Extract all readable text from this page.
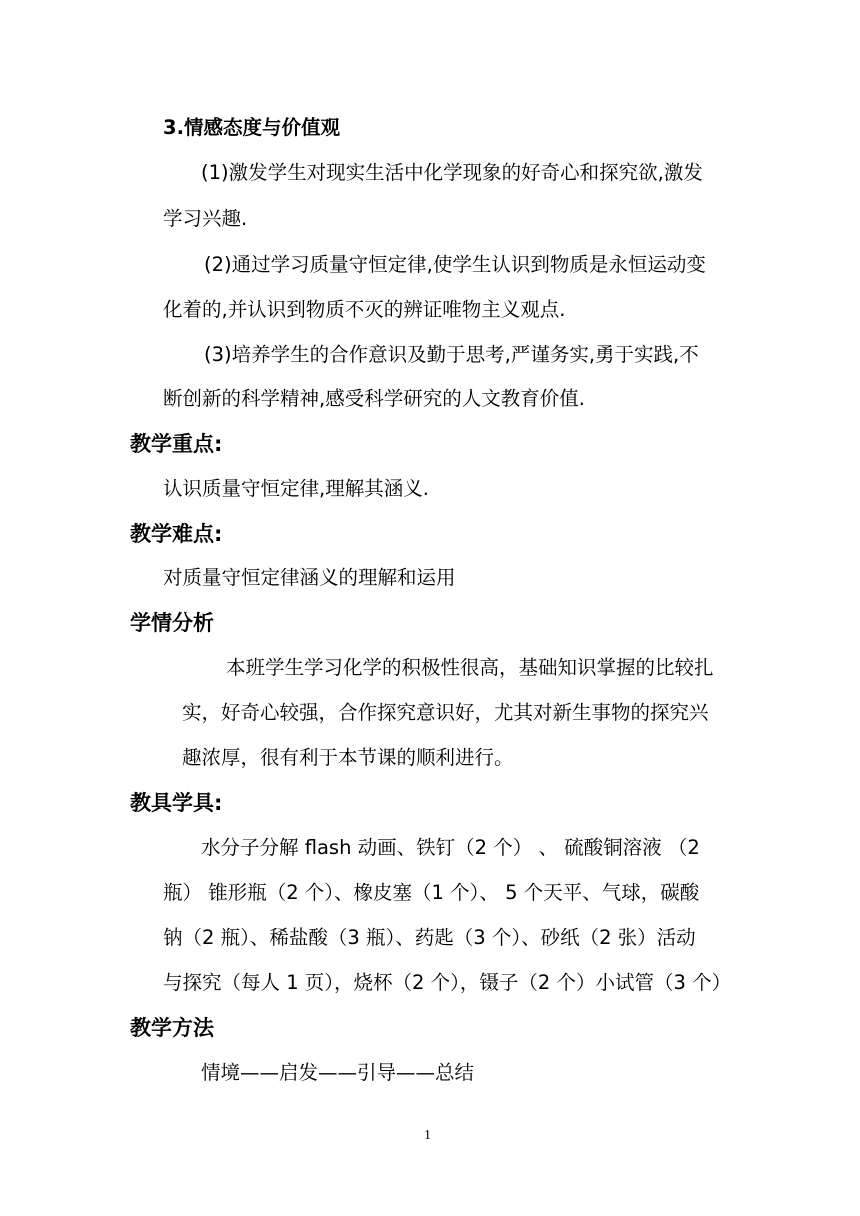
3.情感态度与价值观
(1)激发学生对现实生活中化学现象的好奇心和探究欲,激发
学习兴趣.
(2)通过学习质量守恒定律,使学生认识到物质是永恒运动变
化着的,并认识到物质不灭的辨证唯物主义观点.
(3)培养学生的合作意识及勤于思考,严谨务实,勇于实践,不
断创新的科学精神,感受科学研究的人文教育价值.
教学重点:
认识质量守恒定律,理解其涵义.
教学难点:
对质量守恒定律涵义的理解和运用
学情分析
本班学生学习化学的积极性很高，基础知识掌握的比较扎
实，好奇心较强，合作探究意识好，尤其对新生事物的探究兴
趣浓厚，很有利于本节课的顺利进行。
教具学具:
水分子分解 flash 动画、铁钉（2 个） 、 硫酸铜溶液 （2
瓶） 锥形瓶（2 个）、橡皮塞（1 个）、 5 个天平、气球，碳酸
钠（2 瓶）、稀盐酸（3 瓶）、药匙（3 个）、砂纸（2 张）活动
与探究（每人 1 页），烧杯（2 个），镊子（2 个）小试管（3 个）
教学方法
情境——启发——引导——总结
1
